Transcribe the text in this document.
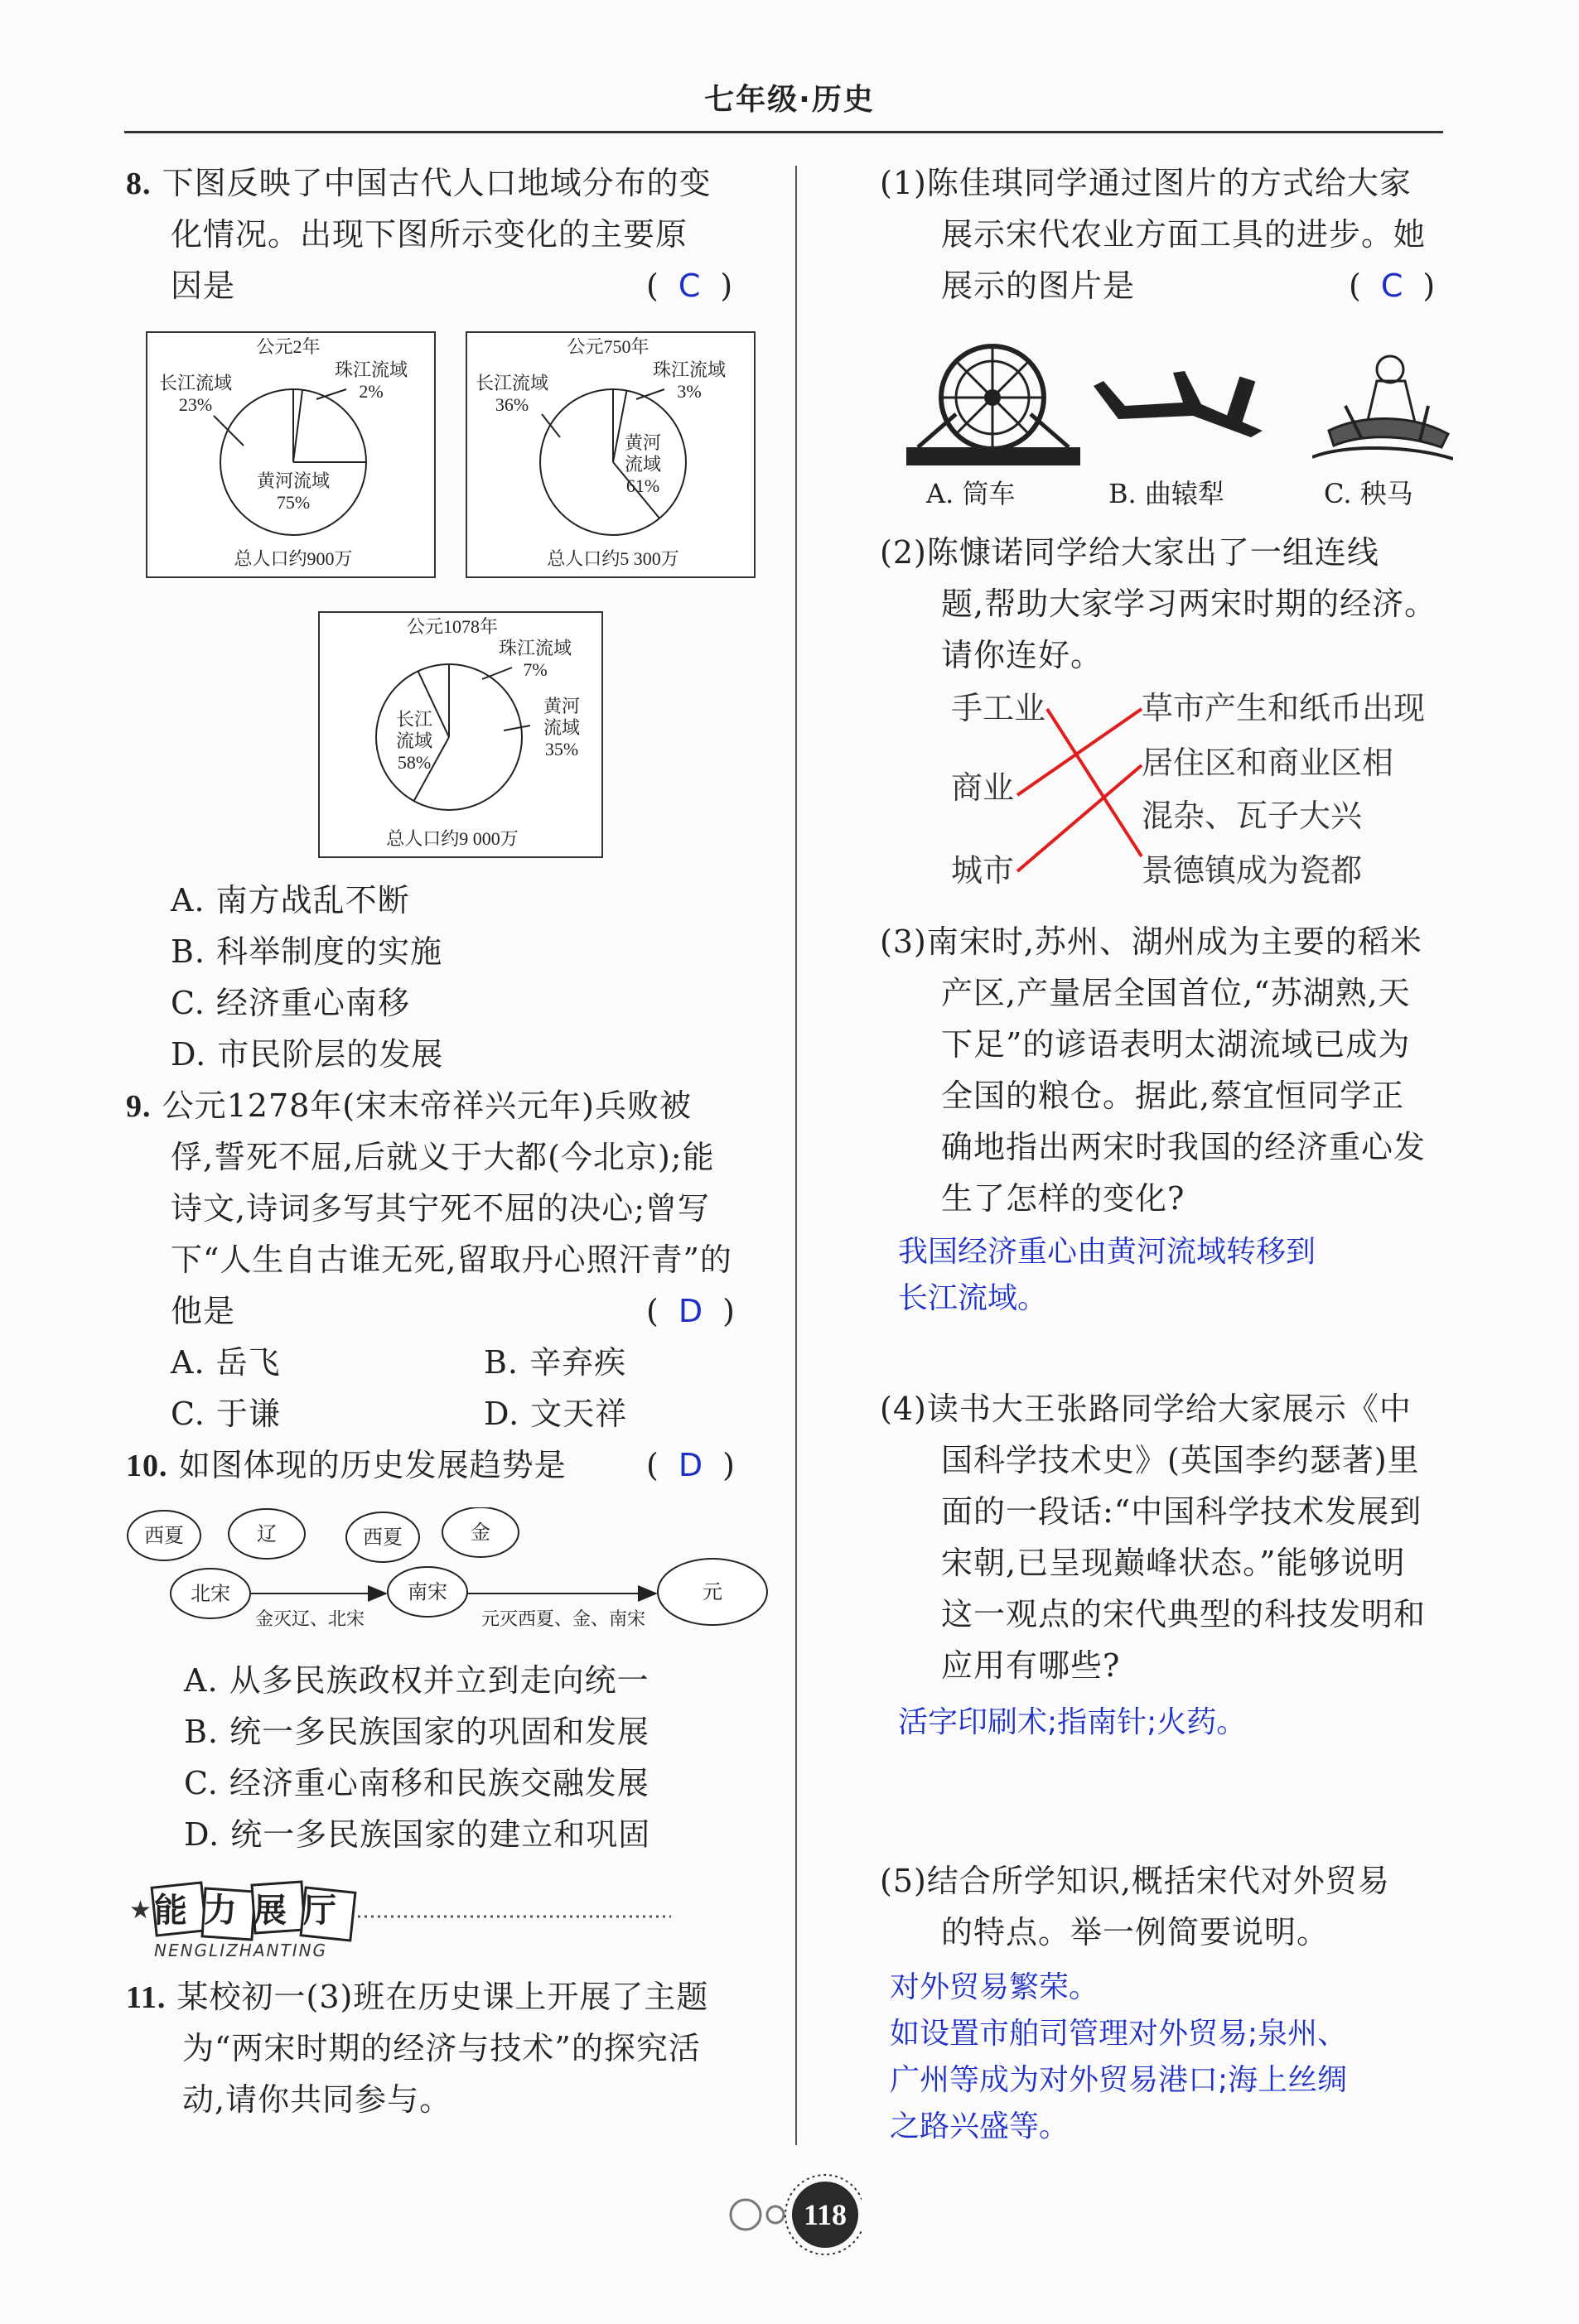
七年级·历史
8. 下图反映了中国古代人口地域分布的变
化情况。出现下图所示变化的主要原
因是	( C )
公元2年
长江流域
23%
珠江流域
2%
黄河流域
75%
总人口约900万
公元750年
长江流域
36%
珠江流域
3%
黄河
流域
61%
总人口约5 300万
公元1078年
珠江流域
7%
长江
流域
58%
黄河
流域
35%
总人口约9 000万
A. 南方战乱不断
B. 科举制度的实施
C. 经济重心南移
D. 市民阶层的发展
9. 公元1278年(宋末帝祥兴元年)兵败被
俘,誓死不屈,后就义于大都(今北京);能
诗文,诗词多写其宁死不屈的决心;曾写
下“人生自古谁无死,留取丹心照汗青”的
他是	( D )
A. 岳飞	B. 辛弃疾
C. 于谦	D. 文天祥
10. 如图体现的历史发展趋势是	( D )
西夏	辽	西夏	金
北宋	南宋	元
金灭辽、北宋	元灭西夏、金、南宋
A. 从多民族政权并立到走向统一
B. 统一多民族国家的巩固和发展
C. 经济重心南移和民族交融发展
D. 统一多民族国家的建立和巩固
★ 能力展厅
NENGLIZHANTING
11. 某校初一(3)班在历史课上开展了主题
为“两宋时期的经济与技术”的探究活
动,请你共同参与。
(1)陈佳琪同学通过图片的方式给大家
展示宋代农业方面工具的进步。她
展示的图片是	( C )
A. 筒车	B. 曲辕犁	C. 秧马
(2)陈慷诺同学给大家出了一组连线
题,帮助大家学习两宋时期的经济。
请你连好。
手工业
商业
城市
草市产生和纸币出现
居住区和商业区相
混杂、瓦子大兴
景德镇成为瓷都
(3)南宋时,苏州、湖州成为主要的稻米
产区,产量居全国首位,“苏湖熟,天
下足”的谚语表明太湖流域已成为
全国的粮仓。据此,蔡宜恒同学正
确地指出两宋时我国的经济重心发
生了怎样的变化?
我国经济重心由黄河流域转移到
长江流域。
(4)读书大王张路同学给大家展示《中
国科学技术史》(英国李约瑟著)里
面的一段话:“中国科学技术发展到
宋朝,已呈现巅峰状态。”能够说明
这一观点的宋代典型的科技发明和
应用有哪些?
活字印刷术;指南针;火药。
(5)结合所学知识,概括宋代对外贸易
的特点。举一例简要说明。
对外贸易繁荣。
如设置市舶司管理对外贸易;泉州、
广州等成为对外贸易港口;海上丝绸
之路兴盛等。
118
